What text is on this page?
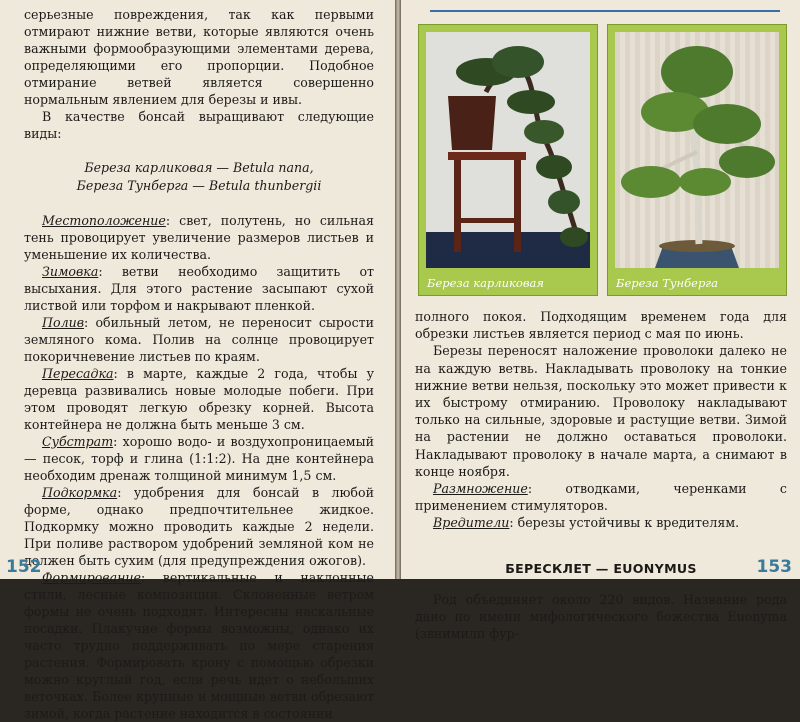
серьезные повреждения, так как первыми отмирают нижние ветви, которые являются очень важными формообразующими элементами дерева, определяющими его пропорции. Подобное отмирание ветвей является совершенно нормальным явлением для березы и ивы.

В качестве бонсай выращивают следующие виды:

Береза карликовая — Betula nana,
Береза Тунберга — Betula thunbergii

Местоположение: свет, полутень, но сильная тень провоцирует увеличение размеров листьев и уменьшение их количества.

Зимовка: ветви необходимо защитить от высыхания. Для этого растение засыпают сухой листвой или торфом и накрывают пленкой.

Полив: обильный летом, не переносит сырости земляного кома. Полив на солнце провоцирует покоричневение листьев по краям.

Пересадка: в марте, каждые 2 года, чтобы у деревца развивались новые молодые побеги. При этом проводят легкую обрезку корней. Высота контейнера не должна быть меньше 3 см.

Субстрат: хорошо водо- и воздухопроницаемый — песок, торф и глина (1:1:2). На дне контейнера необходим дренаж толщиной минимум 1,5 см.

Подкормка: удобрения для бонсай в любой форме, однако предпочтительнее жидкое. Подкормку можно проводить каждые 2 недели. При поливе раствором удобрений земляной ком не должен быть сухим (для предупреждения ожогов).

Формирование: вертикальные и наклонные стили, лесные композиции. Склоненные ветром формы не очень подходят. Интересны наскальные посадки. Плакучие формы возможны, однако их часто трудно поддерживать по мере старения растения. Формировать крону с помощью обрезки можно круглый год, если речь идет о небольших веточках. Более крупные и мощные ветви обрезают зимой, когда растение находится в состоянии

152
Береза карликовая	Береза Тунберга

полного покоя. Подходящим временем года для обрезки листьев является период с мая по июнь.

Березы переносят наложение проволоки далеко не на каждую ветвь. Накладывать проволоку на тонкие нижние ветви нельзя, поскольку это может привести к их быстрому отмиранию. Проволоку накладывают только на сильные, здоровые и растущие ветви. Зимой на растении не должно оставаться проволоки. Накладывают проволоку в начале марта, а снимают в конце ноября.

Размножение: отводками, черенками с применением стимуляторов.

Вредители: березы устойчивы к вредителям.

БЕРЕСКЛЕТ — EUONYMUS

Род объединяет около 220 видов. Название рода дано по имени мифологического божества Euonyma (звнимилп фур-

153
